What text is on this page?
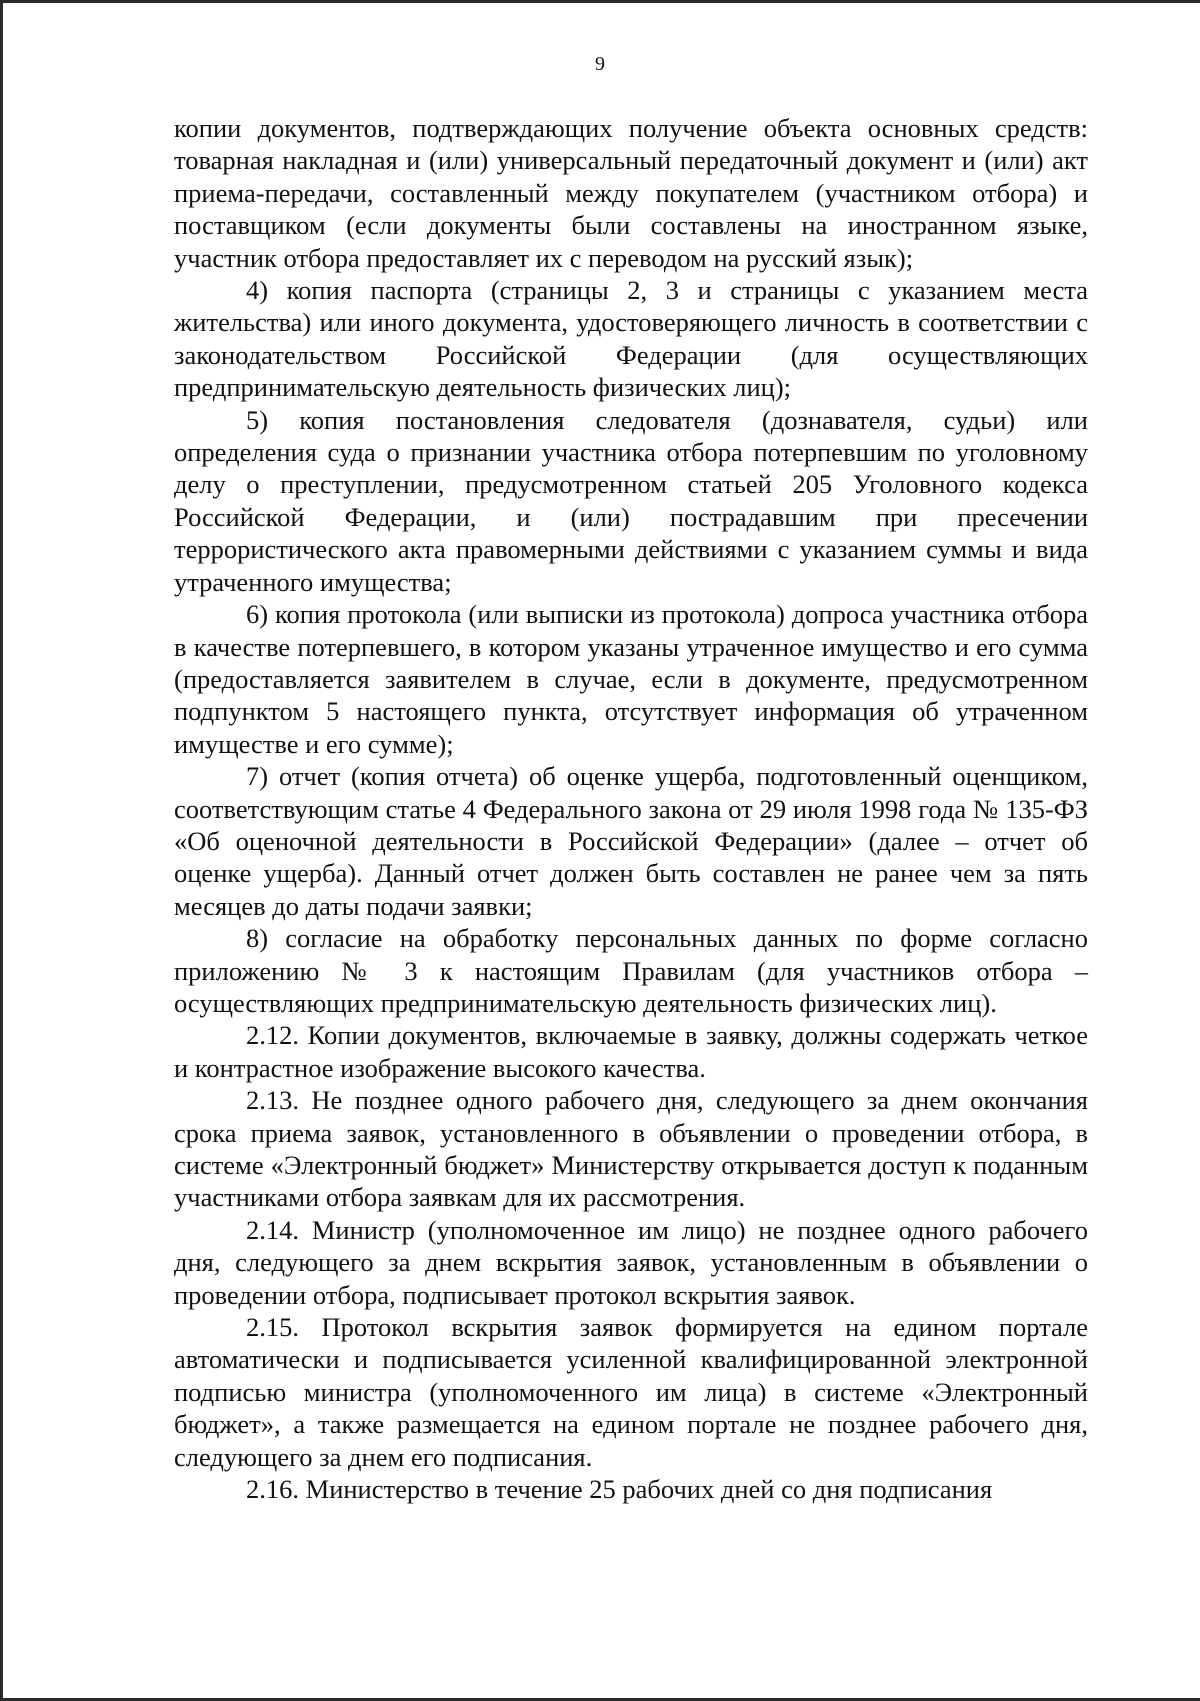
9

копии документов, подтверждающих получение объекта основных средств: товарная накладная и (или) универсальный передаточный документ и (или) акт приема-передачи, составленный между покупателем (участником отбора) и поставщиком (если документы были составлены на иностранном языке, участник отбора предоставляет их с переводом на русский язык);

4) копия паспорта (страницы 2, 3 и страницы с указанием места жительства) или иного документа, удостоверяющего личность в соответствии с законодательством Российской Федерации (для осуществляющих предпринимательскую деятельность физических лиц);

5) копия постановления следователя (дознавателя, судьи) или определения суда о признании участника отбора потерпевшим по уголовному делу о преступлении, предусмотренном статьей 205 Уголовного кодекса Российской Федерации, и (или) пострадавшим при пресечении террористического акта правомерными действиями с указанием суммы и вида утраченного имущества;

6) копия протокола (или выписки из протокола) допроса участника отбора в качестве потерпевшего, в котором указаны утраченное имущество и его сумма (предоставляется заявителем в случае, если в документе, предусмотренном подпунктом 5 настоящего пункта, отсутствует информация об утраченном имуществе и его сумме);

7) отчет (копия отчета) об оценке ущерба, подготовленный оценщиком, соответствующим статье 4 Федерального закона от 29 июля 1998 года № 135-ФЗ «Об оценочной деятельности в Российской Федерации» (далее – отчет об оценке ущерба). Данный отчет должен быть составлен не ранее чем за пять месяцев до даты подачи заявки;

8) согласие на обработку персональных данных по форме согласно приложению № 3 к настоящим Правилам (для участников отбора – осуществляющих предпринимательскую деятельность физических лиц).

2.12. Копии документов, включаемые в заявку, должны содержать четкое и контрастное изображение высокого качества.

2.13. Не позднее одного рабочего дня, следующего за днем окончания срока приема заявок, установленного в объявлении о проведении отбора, в системе «Электронный бюджет» Министерству открывается доступ к поданным участниками отбора заявкам для их рассмотрения.

2.14. Министр (уполномоченное им лицо) не позднее одного рабочего дня, следующего за днем вскрытия заявок, установленным в объявлении о проведении отбора, подписывает протокол вскрытия заявок.

2.15. Протокол вскрытия заявок формируется на едином портале автоматически и подписывается усиленной квалифицированной электронной подписью министра (уполномоченного им лица) в системе «Электронный бюджет», а также размещается на едином портале не позднее рабочего дня, следующего за днем его подписания.

2.16. Министерство в течение 25 рабочих дней со дня подписания
